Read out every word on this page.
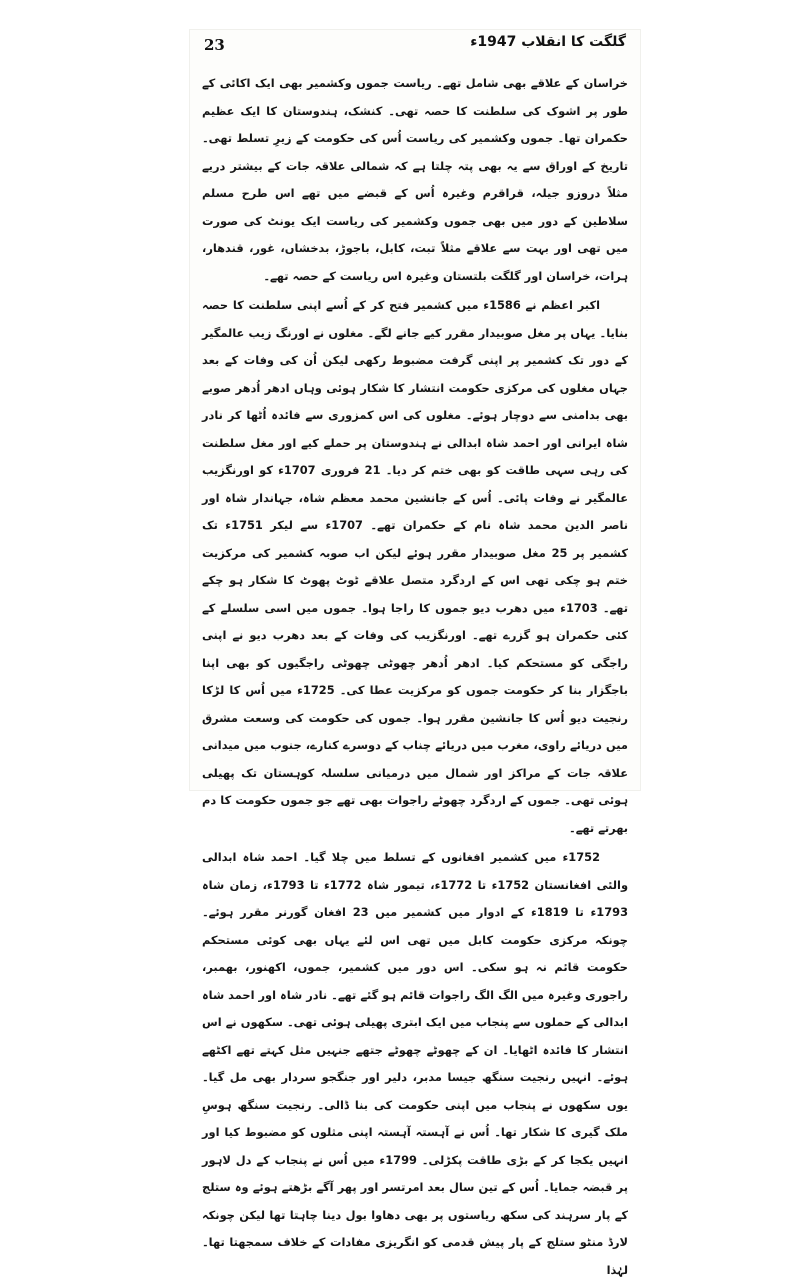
23	گلگت کا انقلاب 1947ء

خراسان کے علاقے بھی شامل تھے۔ ریاست جموں وکشمیر بھی ایک اکائی کے طور پر اشوک کی سلطنت کا حصہ تھی۔ کنشک، ہندوستان کا ایک عظیم حکمران تھا۔ جموں وکشمیر کی ریاست اُس کی حکومت کے زیرِ تسلط تھی۔ تاریخ کے اوراق سے یہ بھی پتہ چلتا ہے کہ شمالی علاقہ جات کے بیشتر دریے مثلاً دروزو جیلہ، قراقرم وغیرہ اُس کے قبضے میں تھے اس طرح مسلم سلاطین کے دور میں بھی جموں وکشمیر کی ریاست ایک یونٹ کی صورت میں تھی اور بہت سے علاقے مثلاً تبت، کابل، باجوڑ، بدخشاں، غور، قندھار، ہرات، خراسان اور گلگت بلتستان وغیرہ اس ریاست کے حصہ تھے۔

اکبر اعظم نے 1586ء میں کشمیر فتح کر کے اُسے اپنی سلطنت کا حصہ بنایا۔ یہاں پر مغل صوبیدار مقرر کیے جانے لگے۔ مغلوں نے اورنگ زیب عالمگیر کے دور تک کشمیر پر اپنی گرفت مضبوط رکھی لیکن اُن کی وفات کے بعد جہاں مغلوں کی مرکزی حکومت انتشار کا شکار ہوئی وہاں ادھر اُدھر صوبے بھی بدامنی سے دوچار ہوئے۔ مغلوں کی اس کمزوری سے فائدہ اُٹھا کر نادر شاہ ایرانی اور احمد شاہ ابدالی نے ہندوستان پر حملے کیے اور مغل سلطنت کی رہی سہی طاقت کو بھی ختم کر دیا۔ 21 فروری 1707ء کو اورنگزیب عالمگیر نے وفات پائی۔ اُس کے جانشین محمد معظم شاہ، جہاندار شاہ اور ناصر الدین محمد شاہ نام کے حکمران تھے۔ 1707ء سے لیکر 1751ء تک کشمیر پر 25 مغل صوبیدار مقرر ہوئے لیکن اب صوبہ کشمیر کی مرکزیت ختم ہو چکی تھی اس کے اردگرد متصل علاقے ٹوٹ پھوٹ کا شکار ہو چکے تھے۔ 1703ء میں دھرب دیو جموں کا راجا ہوا۔ جموں میں اسی سلسلے کے کئی حکمران ہو گزرے تھے۔ اورنگزیب کی وفات کے بعد دھرب دیو نے اپنی راجگی کو مستحکم کیا۔ ادھر اُدھر چھوٹی چھوٹی راجگیوں کو بھی اپنا باجگزار بنا کر حکومت جموں کو مرکزیت عطا کی۔ 1725ء میں اُس کا لڑکا رنجیت دیو اُس کا جانشین مقرر ہوا۔ جموں کی حکومت کی وسعت مشرق میں دریائے راوی، مغرب میں دریائے چناب کے دوسرے کنارے، جنوب میں میدانی علاقہ جات کے مراکز اور شمال میں درمیانی سلسلہ کوہستان تک پھیلی ہوئی تھی۔ جموں کے اردگرد چھوٹے راجوات بھی تھے جو جموں حکومت کا دم بھرتے تھے۔

1752ء میں کشمیر افغانوں کے تسلط میں چلا گیا۔ احمد شاہ ابدالی والئی افغانستان 1752ء تا 1772ء، تیمور شاہ 1772ء تا 1793ء، زمان شاہ 1793ء تا 1819ء کے ادوار میں کشمیر میں 23 افغان گورنر مقرر ہوئے۔ چونکہ مرکزی حکومت کابل میں تھی اس لئے یہاں بھی کوئی مستحکم حکومت قائم نہ ہو سکی۔ اس دور میں کشمیر، جموں، اکھنور، بھمبر، راجوری وغیرہ میں الگ الگ راجوات قائم ہو گئے تھے۔ نادر شاہ اور احمد شاہ ابدالی کے حملوں سے پنجاب میں ایک ابتری پھیلی ہوئی تھی۔ سکھوں نے اس انتشار کا فائدہ اٹھایا۔ ان کے چھوٹے چھوٹے جتھے جنہیں مثل کہتے تھے اکٹھے ہوئے۔ انہیں رنجیت سنگھ جیسا مدبر، دلیر اور جنگجو سردار بھی مل گیا۔ یوں سکھوں نے پنجاب میں اپنی حکومت کی بنا ڈالی۔ رنجیت سنگھ ہوسِ ملک گیری کا شکار تھا۔ اُس نے آہستہ آہستہ اپنی مثلوں کو مضبوط کیا اور انہیں یکجا کر کے بڑی طاقت پکڑلی۔ 1799ء میں اُس نے پنجاب کے دل لاہور پر قبضہ جمایا۔ اُس کے تین سال بعد امرتسر اور پھر آگے بڑھتے ہوئے وہ ستلج کے پار سرہند کی سکھ ریاستوں پر بھی دھاوا بول دینا چاہتا تھا لیکن چونکہ لارڈ منٹو ستلج کے پار پیش قدمی کو انگریزی مفادات کے خلاف سمجھتا تھا۔ لہٰذا
